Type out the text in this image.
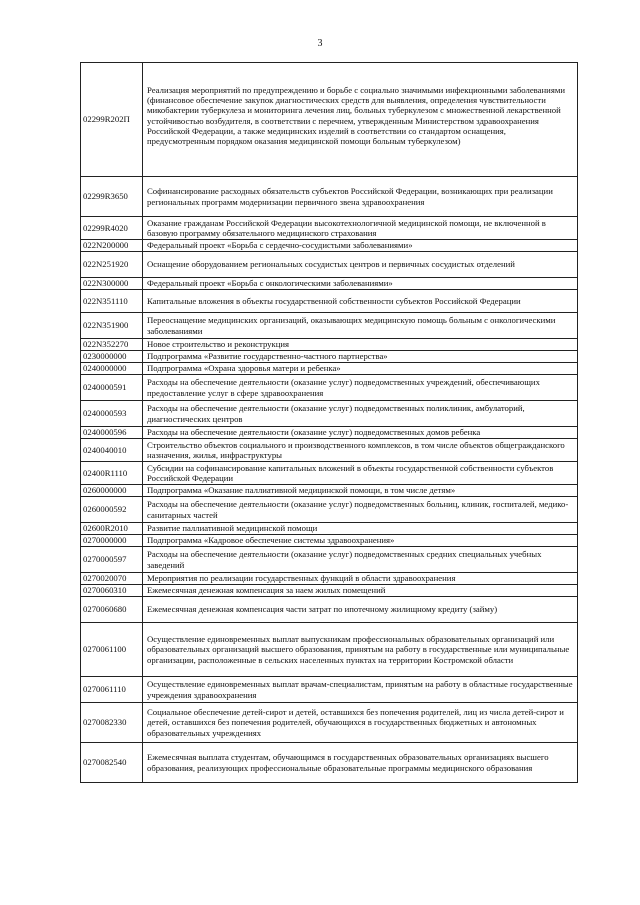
3
02299R202П	Реализация мероприятий по предупреждению и борьбе с социально значимыми инфекционными заболеваниями (финансовое обеспечение закупок диагностических средств для выявления, определения чувствительности микобактерии туберкулеза и мониторинга лечения лиц, больных туберкулезом с множественной лекарственной устойчивостью возбудителя, в соответствии с перечнем, утвержденным Министерством здравоохранения Российской Федерации, а также медицинских изделий в соответствии со стандартом оснащения, предусмотренным порядком оказания медицинской помощи больным туберкулезом)
02299R3650	Софинансирование расходных обязательств субъектов Российской Федерации, возникающих при реализации региональных программ модернизации первичного звена здравоохранения
02299R4020	Оказание гражданам Российской Федерации высокотехнологичной медицинской помощи, не включенной в базовую программу обязательного медицинского страхования
022N200000	Федеральный проект «Борьба с сердечно-сосудистыми заболеваниями»
022N251920	Оснащение оборудованием региональных сосудистых центров и первичных сосудистых отделений
022N300000	Федеральный проект «Борьба с онкологическими заболеваниями»
022N351110	Капитальные вложения в объекты государственной собственности субъектов Российской Федерации
022N351900	Переоснащение медицинских организаций, оказывающих медицинскую помощь больным с онкологическими заболеваниями
022N352270	Новое строительство и реконструкция
0230000000	Подпрограмма «Развитие государственно-частного партнерства»
0240000000	Подпрограмма «Охрана здоровья матери и ребенка»
0240000591	Расходы на обеспечение деятельности (оказание услуг) подведомственных учреждений, обеспечивающих предоставление услуг в сфере здравоохранения
0240000593	Расходы на обеспечение деятельности (оказание услуг) подведомственных поликлиник, амбулаторий, диагностических центров
0240000596	Расходы на обеспечение деятельности (оказание услуг) подведомственных домов ребенка
0240040010	Строительство объектов социального и производственного комплексов, в том числе объектов общегражданского назначения, жилья, инфраструктуры
02400R1110	Субсидии на софинансирование капитальных вложений в объекты государственной собственности субъектов Российской Федерации
0260000000	Подпрограмма «Оказание паллиативной медицинской помощи, в том числе детям»
0260000592	Расходы на обеспечение деятельности (оказание услуг) подведомственных больниц, клиник, госпиталей, медико-санитарных частей
02600R2010	Развитие паллиативной медицинской помощи
0270000000	Подпрограмма «Кадровое обеспечение системы здравоохранения»
0270000597	Расходы на обеспечение деятельности (оказание услуг) подведомственных средних специальных учебных заведений
0270020070	Мероприятия по реализации государственных функций в области здравоохранения
0270060310	Ежемесячная денежная компенсация за наем жилых помещений
0270060680	Ежемесячная денежная компенсация части затрат по ипотечному жилищному кредиту (займу)
0270061100	Осуществление единовременных выплат выпускникам профессиональных образовательных организаций или образовательных организаций высшего образования, принятым на работу в государственные или муниципальные организации, расположенные в сельских населенных пунктах на территории Костромской области
0270061110	Осуществление единовременных выплат врачам-специалистам, принятым на работу в областные государственные учреждения здравоохранения
0270082330	Социальное обеспечение детей-сирот и детей, оставшихся без попечения родителей, лиц из числа детей-сирот и детей, оставшихся без попечения родителей, обучающихся в государственных бюджетных и автономных образовательных учреждениях
0270082540	Ежемесячная выплата студентам, обучающимся в государственных образовательных организациях высшего образования, реализующих профессиональные образовательные программы медицинского образования
